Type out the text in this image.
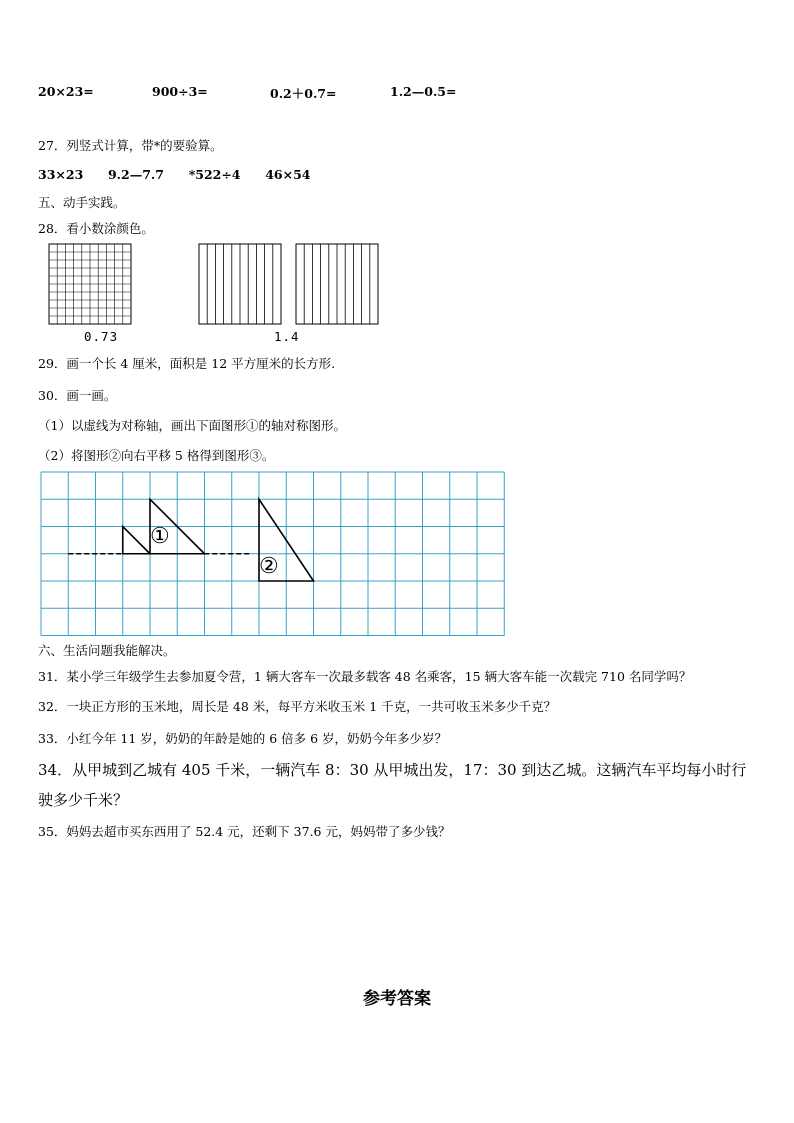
20×23=	900÷3=	0.2＋0.7=	1.2—0.5=
27．列竖式计算，带*的要验算。
33×23 9.2—7.7 *522÷4 46×54
五、动手实践。
28．看小数涂颜色。
0.73	1.4
29．画一个长 4 厘米，面积是 12 平方厘米的长方形.
30．画一画。
（1）以虚线为对称轴，画出下面图形①的轴对称图形。
（2）将图形②向右平移 5 格得到图形③。
①
②
六、生活问题我能解决。
31．某小学三年级学生去参加夏令营，1 辆大客车一次最多载客 48 名乘客，15 辆大客车能一次载完 710 名同学吗？
32．一块正方形的玉米地，周长是 48 米，每平方米收玉米 1 千克，一共可收玉米多少千克？
33．小红今年 11 岁，奶奶的年龄是她的 6 倍多 6 岁，奶奶今年多少岁？
34．从甲城到乙城有 405 千米，一辆汽车 8：30 从甲城出发，17：30 到达乙城。这辆汽车平均每小时行
驶多少千米？
35．妈妈去超市买东西用了 52.4 元，还剩下 37.6 元，妈妈带了多少钱？
参考答案
